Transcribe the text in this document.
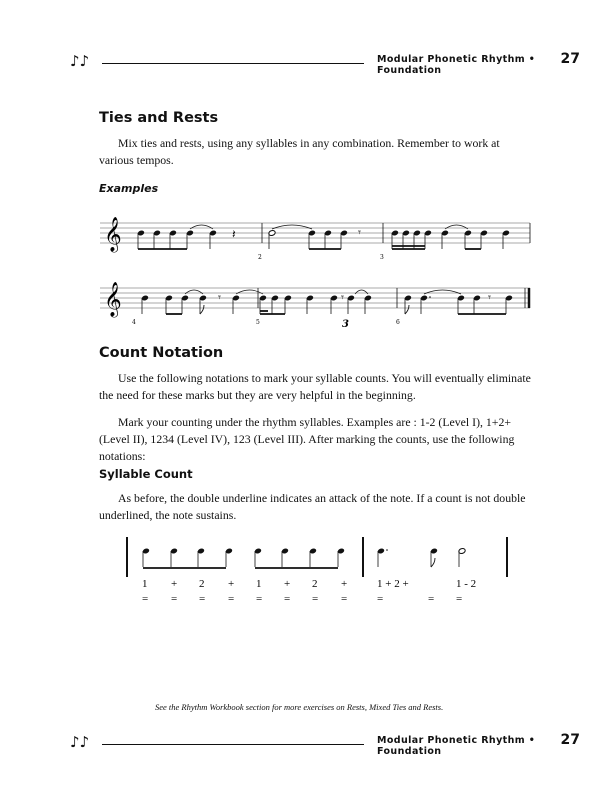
♪♪	Modular Phonetic Rhythm • Foundation
27
Ties and Rests

Mix ties and rests, using any syllables in any combination. Remember to work at various tempos.

Examples
Count Notation

Use the following notations to mark your syllable counts. You will eventually eliminate the need for these marks but they are very helpful in the beginning.

Mark your counting under the rhythm syllables. Examples are : 1-2 (Level I), 1+2+ (Level II), 1234 (Level IV), 123 (Level III). After marking the counts, use the following notations:

Syllable Count

As before, the double underline indicates an attack of the note. If a count is not double underlined, the note sustains.

2	3
4	5	6
3
𝄞	𝄽	𝄾
𝄞	𝄾	𝄾	𝄾
1 + 2 + 1 + 2 +	1 + 2 +	1 - 2
= = = = = = = =	=	= =
See the Rhythm Workbook section for more exercises on Rests, Mixed Ties and Rests.
♪♪	Modular Phonetic Rhythm • Foundation
27
